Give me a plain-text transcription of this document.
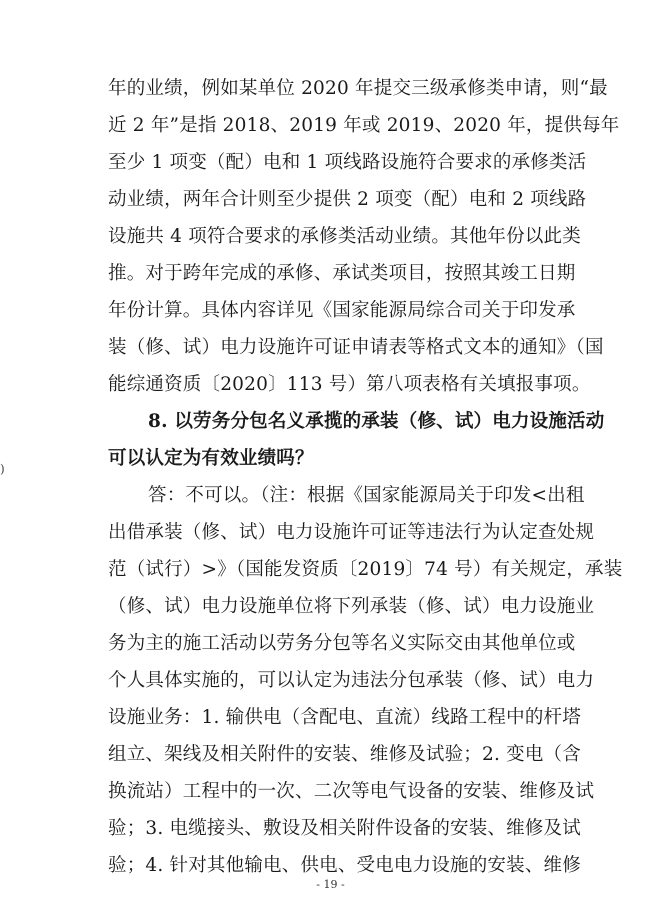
年的业绩，例如某单位 2020 年提交三级承修类申请，则“最
近 2 年”是指 2018、2019 年或 2019、2020 年，提供每年
至少 1 项变（配）电和 1 项线路设施符合要求的承修类活
动业绩，两年合计则至少提供 2 项变（配）电和 2 项线路
设施共 4 项符合要求的承修类活动业绩。其他年份以此类
推。对于跨年完成的承修、承试类项目，按照其竣工日期
年份计算。具体内容详见《国家能源局综合司关于印发承
装（修、试）电力设施许可证申请表等格式文本的通知》（国
能综通资质〔2020〕113 号）第八项表格有关填报事项。
8. 以劳务分包名义承揽的承装（修、试）电力设施活动
可以认定为有效业绩吗？
)
答：不可以。（注：根据《国家能源局关于印发<出租
出借承装（修、试）电力设施许可证等违法行为认定查处规
范（试行）>》（国能发资质〔2019〕74 号）有关规定，承装
（修、试）电力设施单位将下列承装（修、试）电力设施业
务为主的施工活动以劳务分包等名义实际交由其他单位或
个人具体实施的，可以认定为违法分包承装（修、试）电力
设施业务：1. 输供电（含配电、直流）线路工程中的杆塔
组立、架线及相关附件的安装、维修及试验；2. 变电（含
换流站）工程中的一次、二次等电气设备的安装、维修及试
验；3. 电缆接头、敷设及相关附件设备的安装、维修及试
验；4. 针对其他输电、供电、受电电力设施的安装、维修
- 19 -
